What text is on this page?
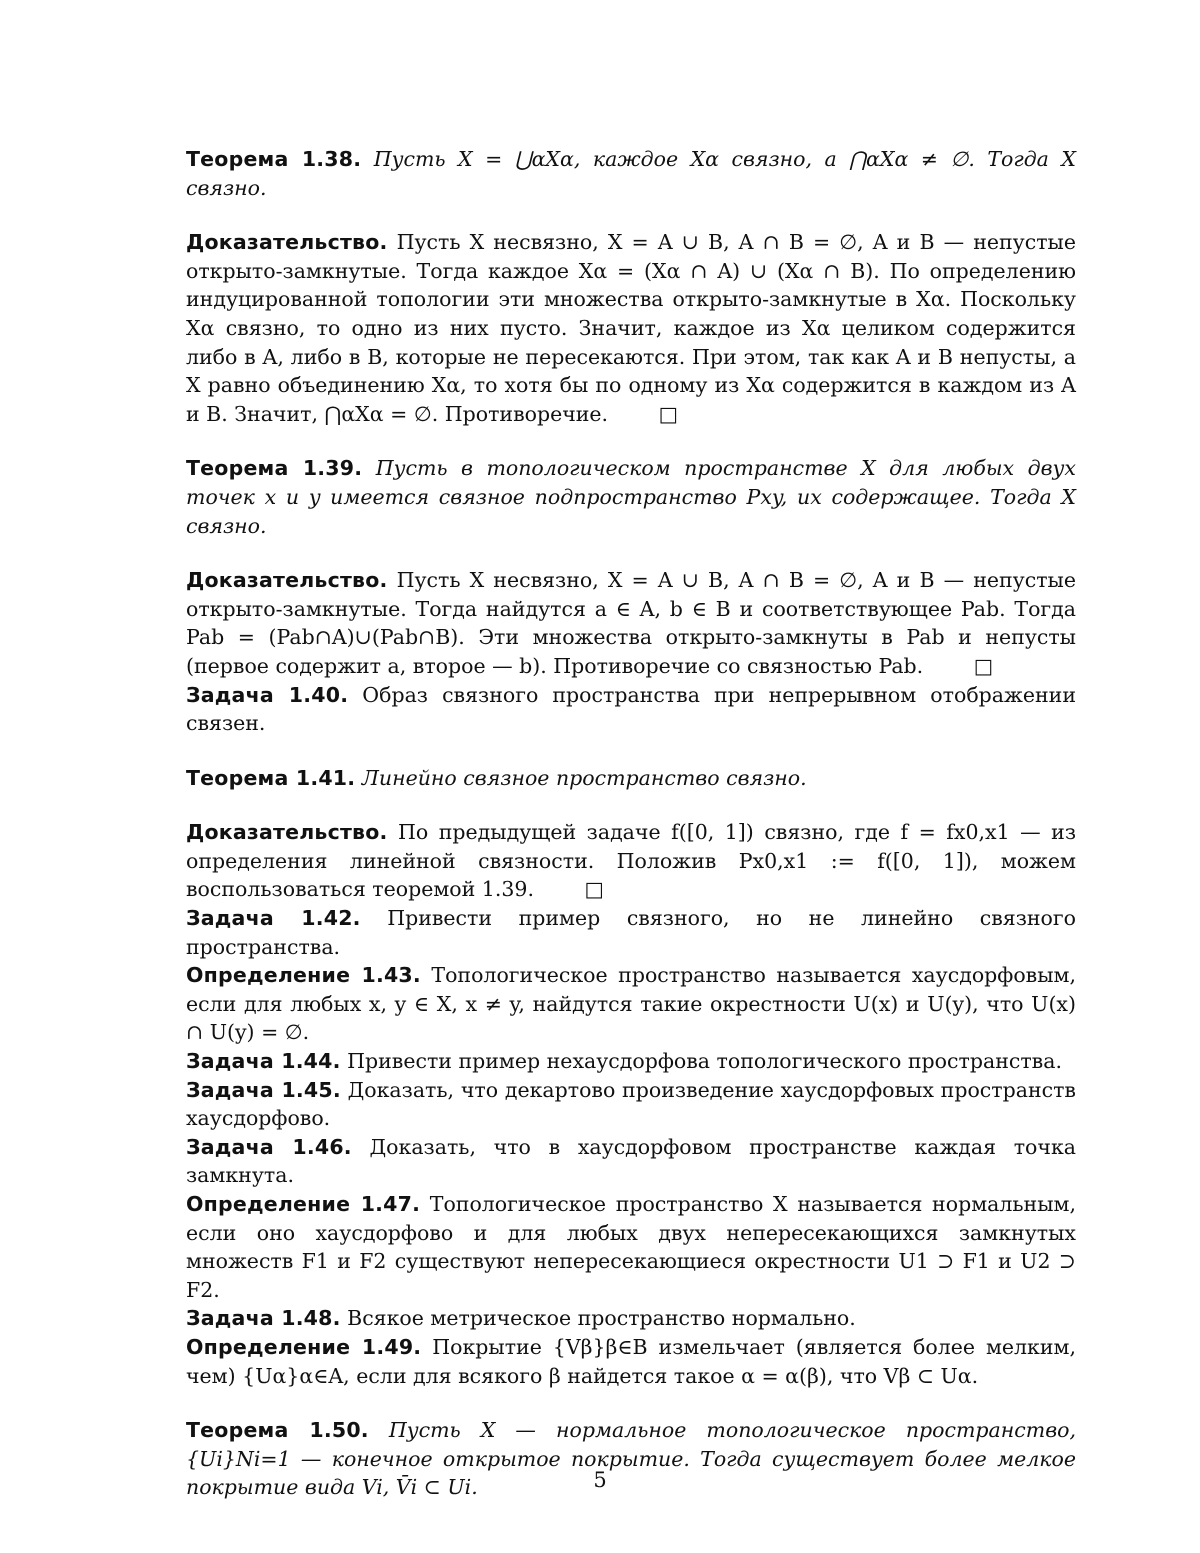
Теорема 1.38. Пусть X = ⋃αXα, каждое Xα связно, а ⋂αXα ≠ ∅. Тогда X связно.
Доказательство. Пусть X несвязно, X = A ∪ B, A ∩ B = ∅, A и B — непустые открыто-замкнутые. Тогда каждое Xα = (Xα ∩ A) ∪ (Xα ∩ B). По определению индуцированной топологии эти множества открыто-замкнутые в Xα. Поскольку Xα связно, то одно из них пусто. Значит, каждое из Xα целиком содержится либо в A, либо в B, которые не пересекаются. При этом, так как A и B непусты, а X равно объединению Xα, то хотя бы по одному из Xα содержится в каждом из A и B. Значит, ⋂αXα = ∅. Противоречие. □
Теорема 1.39. Пусть в топологическом пространстве X для любых двух точек x и y имеется связное подпространство Pxy, их содержащее. Тогда X связно.
Доказательство. Пусть X несвязно, X = A ∪ B, A ∩ B = ∅, A и B — непустые открыто-замкнутые. Тогда найдутся a ∈ A, b ∈ B и соответствующее Pab. Тогда Pab = (Pab∩A)∪(Pab∩B). Эти множества открыто-замкнуты в Pab и непусты (первое содержит a, второе — b). Противоречие со связностью Pab. □
Задача 1.40. Образ связного пространства при непрерывном отображении связен.
Теорема 1.41. Линейно связное пространство связно.
Доказательство. По предыдущей задаче f([0, 1]) связно, где f = fx0,x1 — из определения линейной связности. Положив Px0,x1 := f([0, 1]), можем воспользоваться теоремой 1.39. □
Задача 1.42. Привести пример связного, но не линейно связного пространства.
Определение 1.43. Топологическое пространство называется хаусдорфовым, если для любых x, y ∈ X, x ≠ y, найдутся такие окрестности U(x) и U(y), что U(x) ∩ U(y) = ∅.
Задача 1.44. Привести пример нехаусдорфова топологического пространства.
Задача 1.45. Доказать, что декартово произведение хаусдорфовых пространств хаусдорфово.
Задача 1.46. Доказать, что в хаусдорфовом пространстве каждая точка замкнута.
Определение 1.47. Топологическое пространство X называется нормальным, если оно хаусдорфово и для любых двух непересекающихся замкнутых множеств F1 и F2 существуют непересекающиеся окрестности U1 ⊃ F1 и U2 ⊃ F2.
Задача 1.48. Всякое метрическое пространство нормально.
Определение 1.49. Покрытие {Vβ}β∈B измельчает (является более мелким, чем) {Uα}α∈A, если для всякого β найдется такое α = α(β), что Vβ ⊂ Uα.
Теорема 1.50. Пусть X — нормальное топологическое пространство, {Ui}Ni=1 — конечное открытое покрытие. Тогда существует более мелкое покрытие вида Vi, V̄i ⊂ Ui.	5
